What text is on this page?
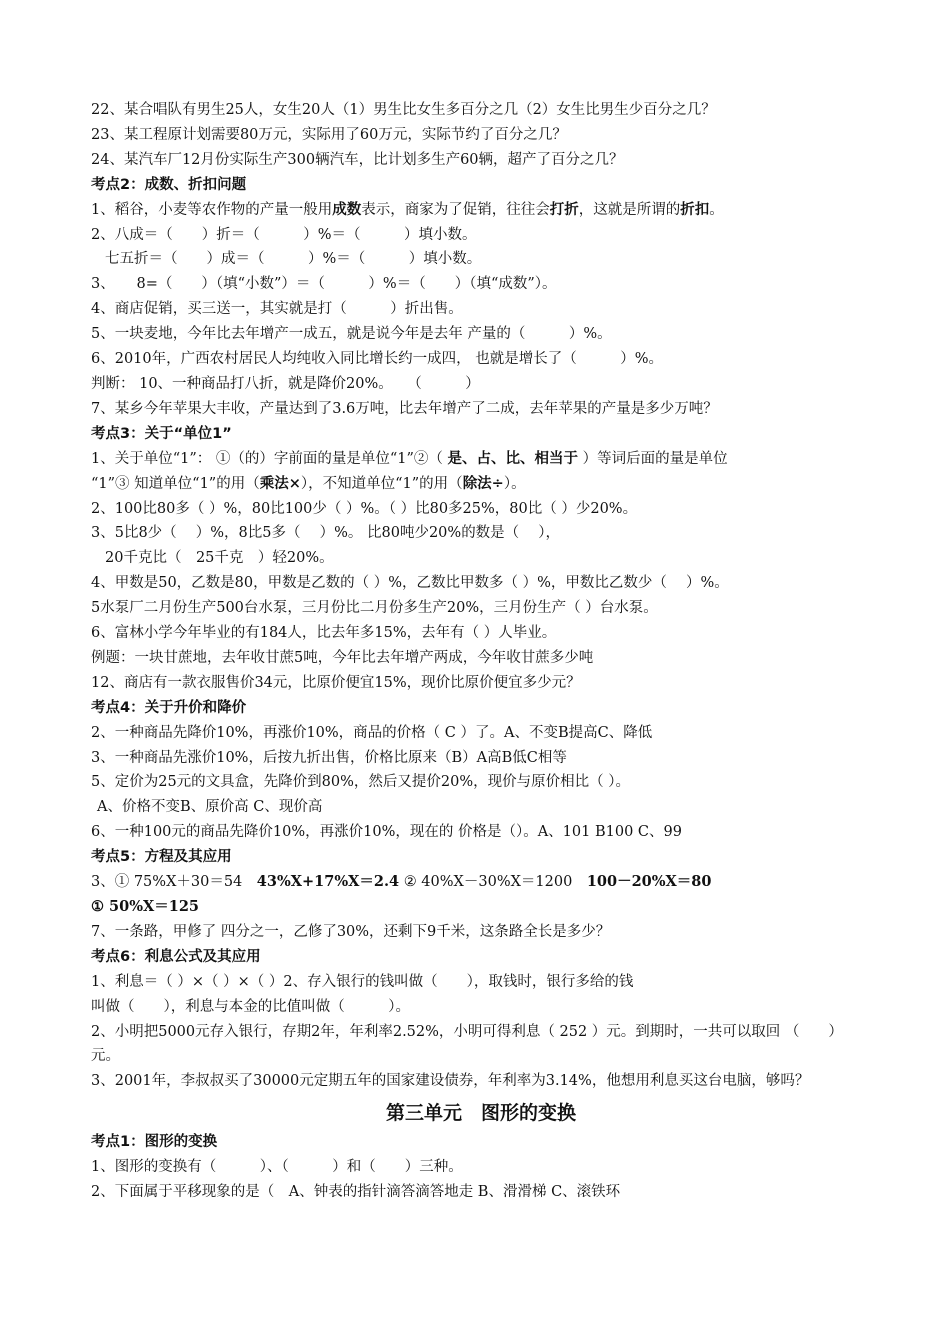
22、某合唱队有男生25人，女生20人（1）男生比女生多百分之几（2）女生比男生少百分之几？
23、某工程原计划需要80万元，实际用了60万元，实际节约了百分之几？
24、某汽车厂12月份实际生产300辆汽车，比计划多生产60辆，超产了百分之几？
考点2：成数、折扣问题
1、稻谷，小麦等农作物的产量一般用成数表示，商家为了促销，往往会打折，这就是所谓的折扣。
2、八成＝（　　）折＝（　　　）%＝（　　　）填小数。
七五折＝（　　）成＝（　　　）%＝（　　　）填小数。
3、　　8=（　　）（填“小数”）＝（　　　）%＝（　　）（填“成数”）。
4、商店促销，买三送一，其实就是打（　　　）折出售。
5、一块麦地，今年比去年增产一成五，就是说今年是去年 产量的（　　　）%。
6、2010年，广西农村居民人均纯收入同比增长约一成四， 也就是增长了（　　　）%。
判断： 10、一种商品打八折，就是降价20%。　　（　　　）
7、某乡今年苹果大丰收，产量达到了3.6万吨，比去年增产了二成，去年苹果的产量是多少万吨？
考点3：关于“单位1”
1、关于单位“1”： ①（的）字前面的量是单位“1”②（ 是、占、比、相当于 ）等词后面的量是单位
“1”③ 知道单位“1”的用（乘法×），不知道单位“1”的用（除法÷）。
2、100比80多（ ）%，80比100少（ ）%。（ ）比80多25%，80比（ ）少20%。
3、5比8少（　 ）%，8比5多（　 ）%。 比80吨少20%的数是（　 ），
20千克比（　25千克　）轻20%。
4、甲数是50，乙数是80，甲数是乙数的（ ）%，乙数比甲数多（ ）%，甲数比乙数少（　 ）%。
5水泵厂二月份生产500台水泵，三月份比二月份多生产20%，三月份生产（ ）台水泵。
6、富林小学今年毕业的有184人，比去年多15%，去年有（ ）人毕业。
例题：一块甘蔗地，去年收甘蔗5吨，今年比去年增产两成，今年收甘蔗多少吨
12、商店有一款衣服售价34元，比原价便宜15%，现价比原价便宜多少元？
考点4：关于升价和降价
2、一种商品先降价10%，再涨价10%，商品的价格（ C ）了。A、不变B提高C、降低
3、一种商品先涨价10%，后按九折出售，价格比原来（B）A高B低C相等
5、定价为25元的文具盒，先降价到80%，然后又提价20%，现价与原价相比（ ）。
A、价格不变B、原价高 C、现价高
6、一种100元的商品先降价10%，再涨价10%，现在的 价格是（）。A、101 B100 C、99
考点5：方程及其应用
3、① 75%X＋30＝54　43%X+17%X＝2.4 ② 40%X－30%X＝1200　100－20%X＝80
① 50%X＝125
7、一条路，甲修了 四分之一，乙修了30%，还剩下9千米，这条路全长是多少？
考点6：利息公式及其应用
1、利息＝（ ）×（ ）×（ ）2、存入银行的钱叫做（　　），取钱时，银行多给的钱
叫做（　　），利息与本金的比值叫做（　　　）。
2、小明把5000元存入银行，存期2年，年利率2.52%，小明可得利息（ 252 ）元。到期时，一共可以取回 （　　）元。
3、2001年，李叔叔买了30000元定期五年的国家建设债券，年利率为3.14%，他想用利息买这台电脑，够吗？
第三单元　图形的变换
考点1：图形的变换
1、图形的变换有（　　　）、（　　　）和（　　）三种。
2、下面属于平移现象的是（　A、钟表的指针滴答滴答地走 B、滑滑梯 C、滚铁环
